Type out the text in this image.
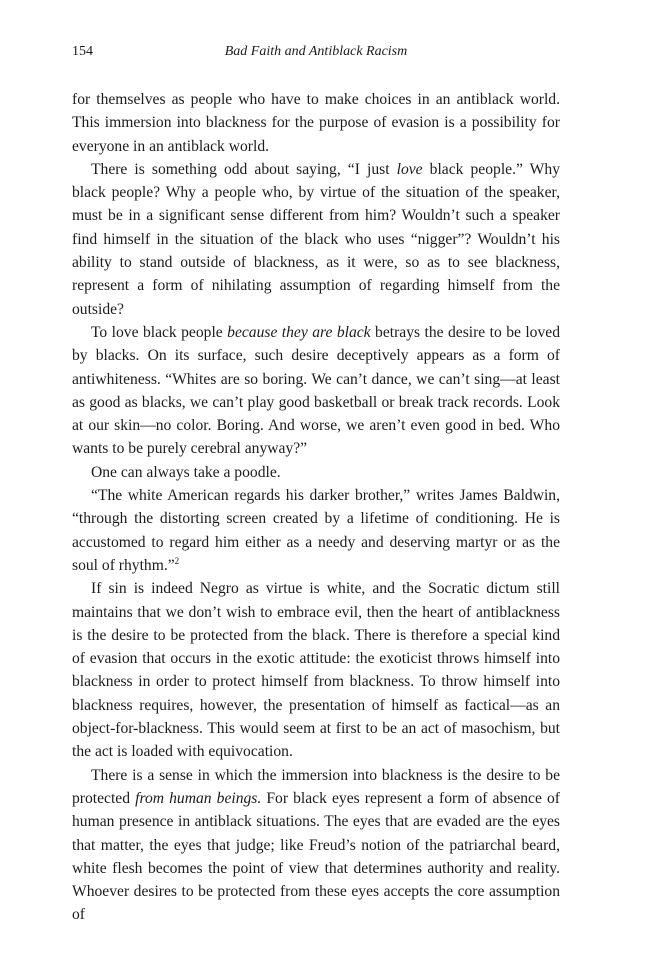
154	Bad Faith and Antiblack Racism

for themselves as people who have to make choices in an antiblack world. This immersion into blackness for the purpose of evasion is a possibility for everyone in an antiblack world.

There is something odd about saying, “I just love black people.” Why black people? Why a people who, by virtue of the situation of the speaker, must be in a significant sense different from him? Wouldn’t such a speaker find himself in the situation of the black who uses “nigger”? Wouldn’t his ability to stand outside of blackness, as it were, so as to see blackness, represent a form of nihilating assumption of regarding himself from the outside?

To love black people because they are black betrays the desire to be loved by blacks. On its surface, such desire deceptively appears as a form of antiwhiteness. “Whites are so boring. We can’t dance, we can’t sing—at least as good as blacks, we can’t play good basketball or break track records. Look at our skin—no color. Boring. And worse, we aren’t even good in bed. Who wants to be purely cerebral anyway?”

One can always take a poodle.

“The white American regards his darker brother,” writes James Baldwin, “through the distorting screen created by a lifetime of conditioning. He is accustomed to regard him either as a needy and deserving martyr or as the soul of rhythm.”$^2$

If sin is indeed Negro as virtue is white, and the Socratic dictum still maintains that we don’t wish to embrace evil, then the heart of antiblackness is the desire to be protected from the black. There is therefore a special kind of evasion that occurs in the exotic attitude: the exoticist throws himself into blackness in order to protect himself from blackness. To throw himself into blackness requires, however, the presentation of himself as factical—as an object-for-blackness. This would seem at first to be an act of masochism, but the act is loaded with equivocation.

There is a sense in which the immersion into blackness is the desire to be protected from human beings. For black eyes represent a form of absence of human presence in antiblack situations. The eyes that are evaded are the eyes that matter, the eyes that judge; like Freud’s notion of the patriarchal beard, white flesh becomes the point of view that determines authority and reality. Whoever desires to be protected from these eyes accepts the core assumption of
